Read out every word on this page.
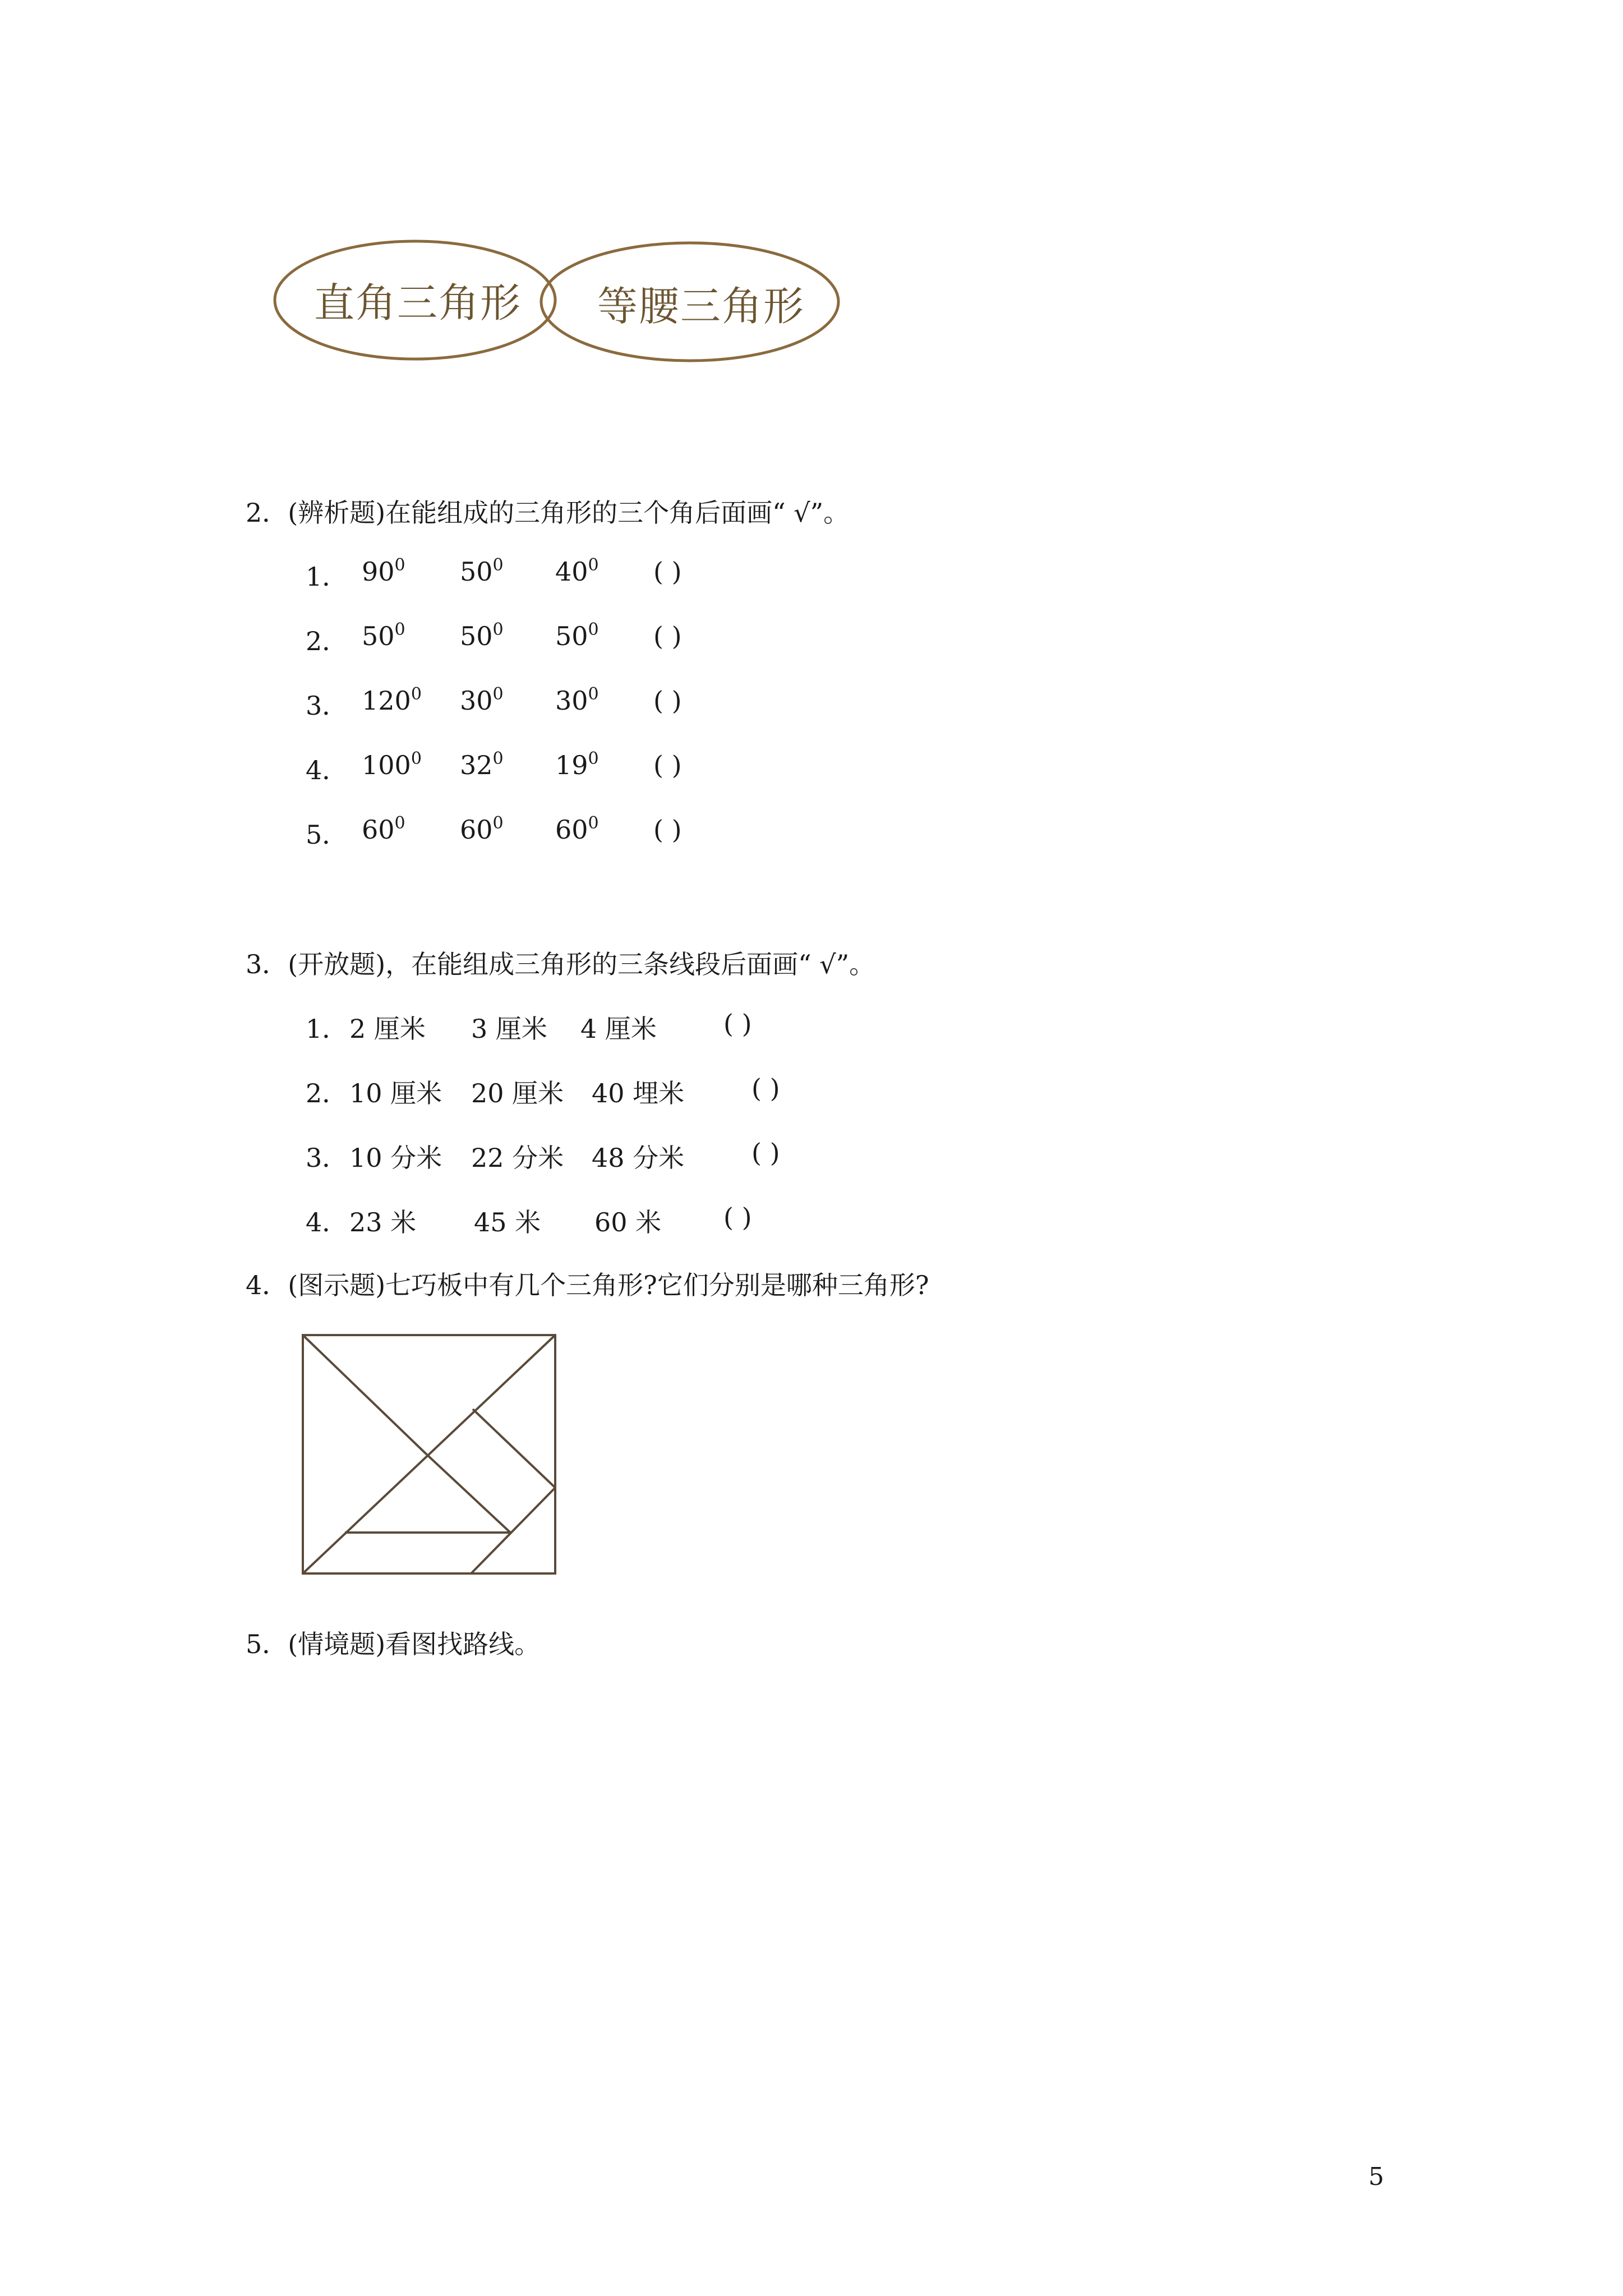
直角三角形 等腰三角形
2．(辨析题)在能组成的三角形的三个角后面画“ √”。
1． $90^0$ $50^0$ $40^0$ ( )
2． $50^0$ $50^0$ $50^0$ ( )
3． $120^0$ $30^0$ $30^0$ ( )
4． $100^0$ $32^0$ $19^0$ ( )
5． $60^0$ $60^0$ $60^0$ ( )
3．(开放题)，在能组成三角形的三条线段后面画“ √”。
1． 2 厘米 3 厘米 4 厘米	( )
2． 10 厘米 20 厘米 40 埋米	( )
3． 10 分米 22 分米 48 分米	( )
4． 23 米 45 米 60 米 ( )
4．(图示题)七巧板中有几个三角形?它们分别是哪种三角形?
5．(情境题)看图找路线。
5
